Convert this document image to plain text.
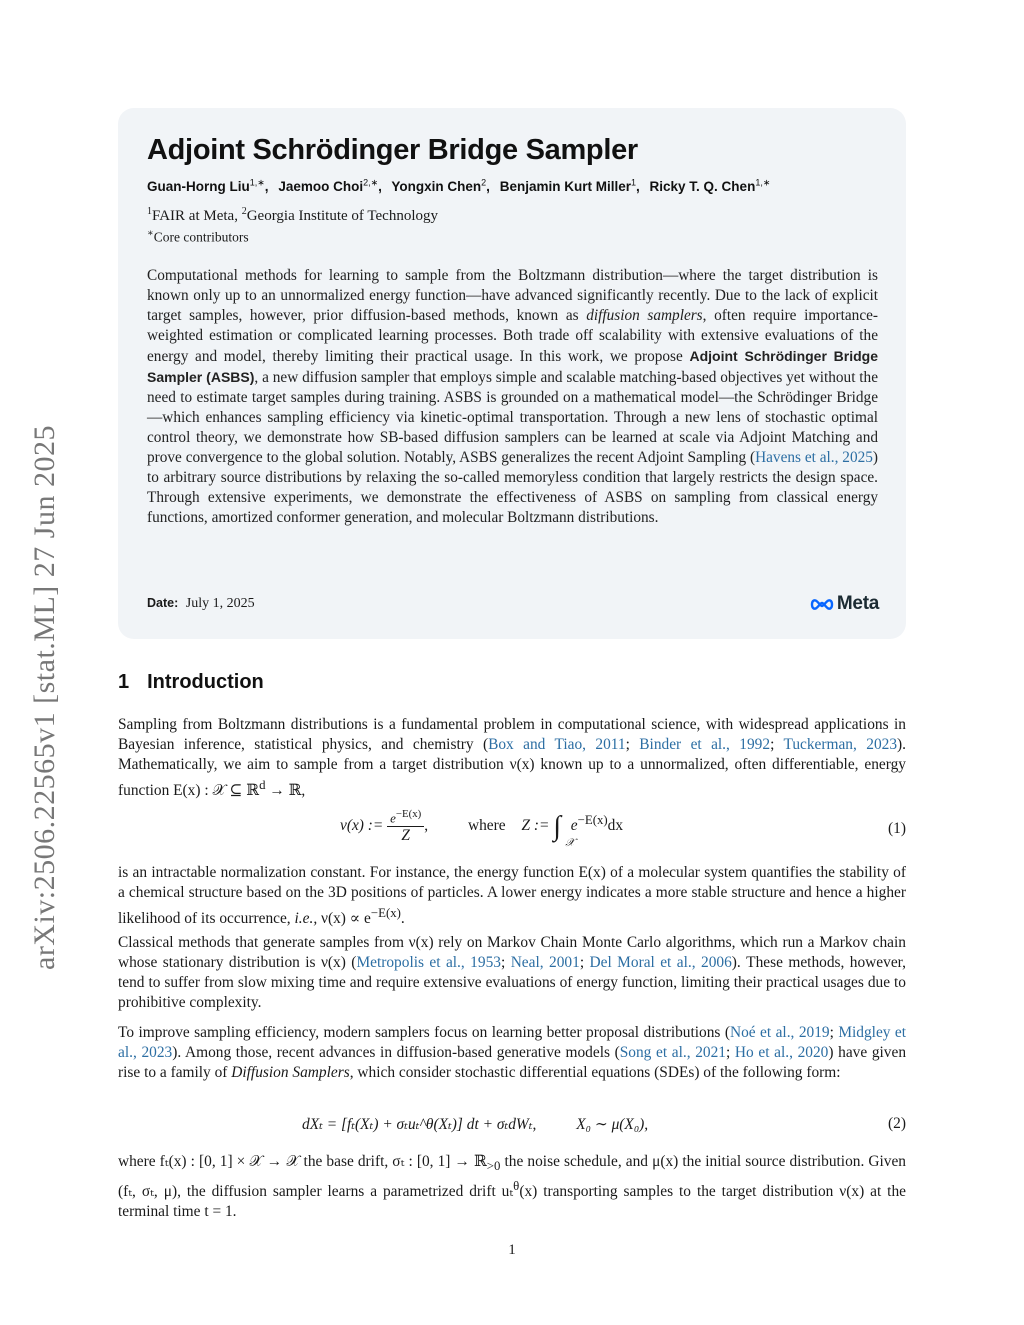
arXiv:2506.22565v1 [stat.ML] 27 Jun 2025
Adjoint Schrödinger Bridge Sampler
Guan-Horng Liu$^{1,∗}$, Jaemoo Choi$^{2,∗}$, Yongxin Chen$^2$, Benjamin Kurt Miller$^1$, Ricky T. Q. Chen$^{1,∗}$
$^1$FAIR at Meta, $^2$Georgia Institute of Technology
∗Core contributors
Computational methods for learning to sample from the Boltzmann distribution—where the target distribution is known only up to an unnormalized energy function—have advanced significantly recently. Due to the lack of explicit target samples, however, prior diffusion-based methods, known as diffusion samplers, often require importance-weighted estimation or complicated learning processes. Both trade off scalability with extensive evaluations of the energy and model, thereby limiting their practical usage. In this work, we propose Adjoint Schrödinger Bridge Sampler (ASBS), a new diffusion sampler that employs simple and scalable matching-based objectives yet without the need to estimate target samples during training. ASBS is grounded on a mathematical model—the Schrödinger Bridge—which enhances sampling efficiency via kinetic-optimal transportation. Through a new lens of stochastic optimal control theory, we demonstrate how SB-based diffusion samplers can be learned at scale via Adjoint Matching and prove convergence to the global solution. Notably, ASBS generalizes the recent Adjoint Sampling (Havens et al., 2025) to arbitrary source distributions by relaxing the so-called memoryless condition that largely restricts the design space. Through extensive experiments, we demonstrate the effectiveness of ASBS on sampling from classical energy functions, amortized conformer generation, and molecular Boltzmann distributions.
Date: July 1, 2025	Meta
1 Introduction
Sampling from Boltzmann distributions is a fundamental problem in computational science, with widespread applications in Bayesian inference, statistical physics, and chemistry (Box and Tiao, 2011; Binder et al., 1992; Tuckerman, 2023). Mathematically, we aim to sample from a target distribution ν(x) known up to a unnormalized, often differentiable, energy function E(x) : 𝒳 ⊆ ℝ$^d$ → ℝ,
ν(x) := $\frac{e^{-E(x)}}{Z}$ ,	where Z := ∫
𝒳
$e^{-E(x)}dx$	(1)
is an intractable normalization constant. For instance, the energy function E(x) of a molecular system quantifies the stability of a chemical structure based on the 3D positions of particles. A lower energy indicates a more stable structure and hence a higher likelihood of its occurrence, i.e., $\nu(x) \propto e^{-E(x)}$.
Classical methods that generate samples from ν(x) rely on Markov Chain Monte Carlo algorithms, which run a Markov chain whose stationary distribution is ν(x) (Metropolis et al., 1953; Neal, 2001; Del Moral et al., 2006). These methods, however, tend to suffer from slow mixing time and require extensive evaluations of energy function, limiting their practical usages due to prohibitive complexity.
To improve sampling efficiency, modern samplers focus on learning better proposal distributions (Noé et al., 2019; Midgley et al., 2023). Among those, recent advances in diffusion-based generative models (Song et al., 2021; Ho et al., 2020) have given rise to a family of Diffusion Samplers, which consider stochastic differential equations (SDEs) of the following form:
dXₜ = [fₜ(Xₜ) + σₜuₜ^θ(Xₜ)] dt + σₜdWₜ,	X₀ ∼ μ(X₀),	(2)
where fₜ(x) : [0, 1] × 𝒳 → 𝒳 the base drift, σₜ : [0, 1] → ℝ$_{>0}$ the noise schedule, and μ(x) the initial source distribution. Given (fₜ, σₜ, μ), the diffusion sampler learns a parametrized drift uₜ$^\theta$(x) transporting samples to the target distribution ν(x) at the terminal time t = 1.
1
